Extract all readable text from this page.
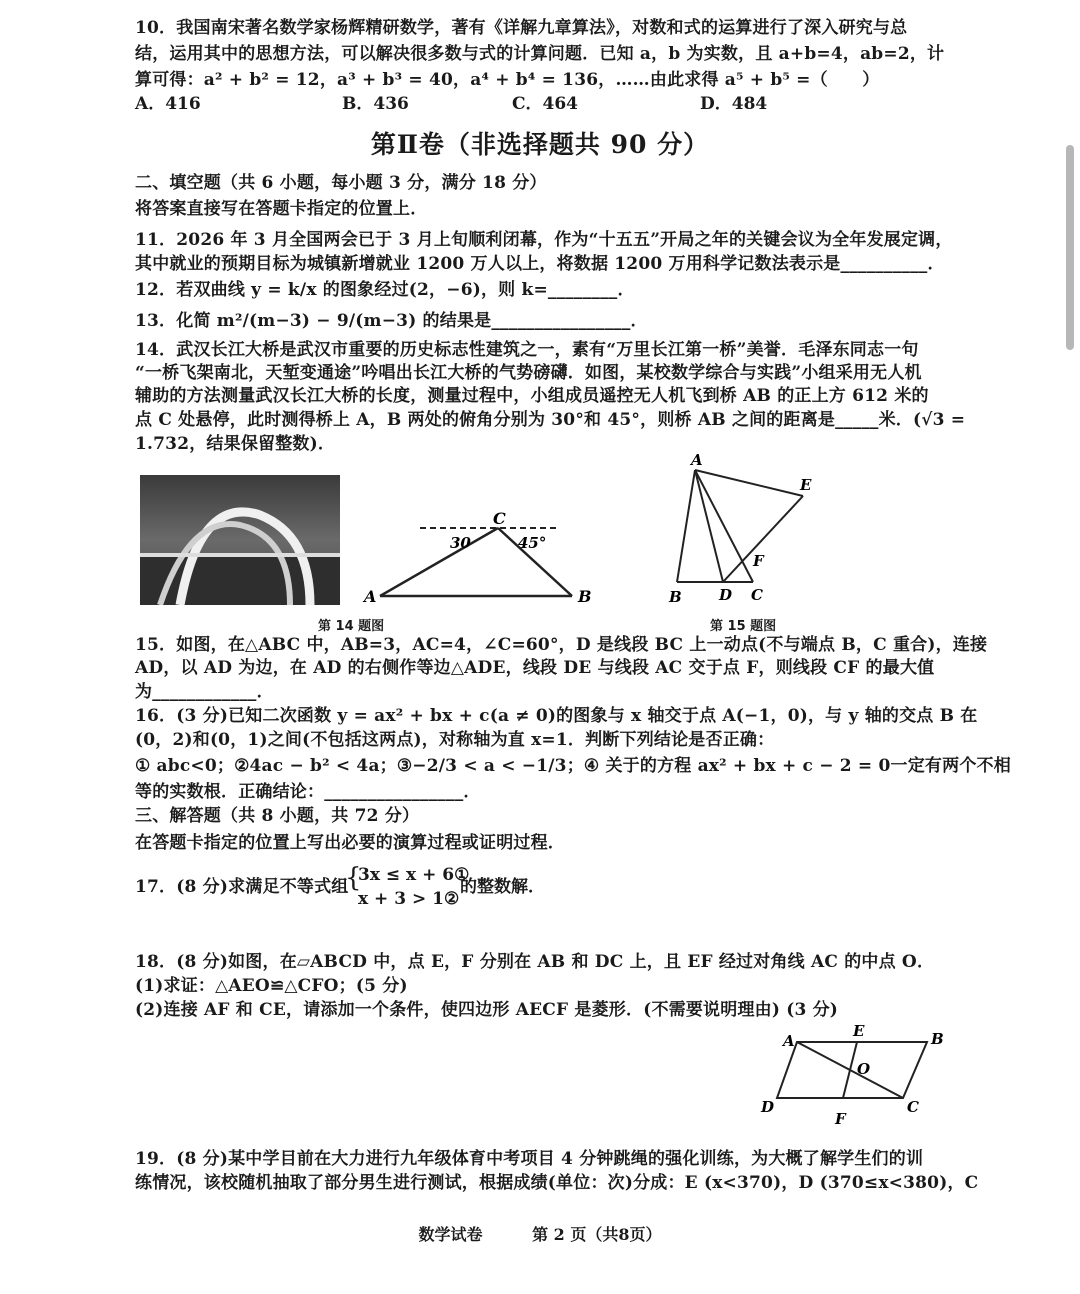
10．我国南宋著名数学家杨辉精研数学，著有《详解九章算法》，对数和式的运算进行了深入研究与总
结，运用其中的思想方法，可以解决很多数与式的计算问题．已知 a，b 为实数，且 a+b=4，ab=2，计
算可得：a² + b² = 12，a³ + b³ = 40，a⁴ + b⁴ = 136，……由此求得 a⁵ + b⁵ =（　　）
A．416	B．436	C．464	D．484
第Ⅱ卷（非选择题共 90 分）
二、填空题（共 6 小题，每小题 3 分，满分 18 分）
将答案直接写在答题卡指定的位置上．
11．2026 年 3 月全国两会已于 3 月上旬顺利闭幕，作为“十五五”开局之年的关键会议为全年发展定调，
其中就业的预期目标为城镇新增就业 1200 万人以上，将数据 1200 万用科学记数法表示是__________．
12．若双曲线 y = k/x 的图象经过(2，−6)，则 k=________．
13．化简 m²/(m−3) − 9/(m−3) 的结果是________________．
14．武汉长江大桥是武汉市重要的历史标志性建筑之一，素有“万里长江第一桥”美誉．毛泽东同志一句
“一桥飞架南北，天堑变通途”吟唱出长江大桥的气势磅礴．如图，某校数学综合与实践”小组采用无人机
辅助的方法测量武汉长江大桥的长度，测量过程中，小组成员遥控无人机飞到桥 AB 的正上方 612 米的
点 C 处悬停，此时测得桥上 A，B 两处的俯角分别为 30°和 45°，则桥 AB 之间的距离是_____米．(√3 =
1.732，结果保留整数)．
A	B
C
30	45°
第 14 题图
A
B	C
D
E
F
第 15 题图
15．如图，在△ABC 中，AB=3，AC=4，∠C=60°，D 是线段 BC 上一动点(不与端点 B，C 重合)，连接
AD，以 AD 为边，在 AD 的右侧作等边△ADE，线段 DE 与线段 AC 交于点 F，则线段 CF 的最大值
为____________．
16．(3 分)已知二次函数 y = ax² + bx + c(a ≠ 0)的图象与 x 轴交于点 A(−1，0)，与 y 轴的交点 B 在
(0，2)和(0，1)之间(不包括这两点)，对称轴为直 x=1．判断下列结论是否正确：
① abc<0；②4ac − b² < 4a；③−2/3 < a < −1/3；④ 关于的方程 ax² + bx + c − 2 = 0一定有两个不相
等的实数根．正确结论：________________．
三、解答题（共 8 小题，共 72 分）
在答题卡指定的位置上写出必要的演算过程或证明过程．
17．(8 分)求满足不等式组
{
3x ≤ x + 6①
x + 3 > 1②
的整数解．
18．(8 分)如图，在▱ABCD 中，点 E，F 分别在 AB 和 DC 上，且 EF 经过对角线 AC 的中点 O．
(1)求证：△AEO≌△CFO；(5 分)
(2)连接 AF 和 CE，请添加一个条件，使四边形 AECF 是菱形．(不需要说明理由) (3 分)
A	B
C
D
E
F
O
19．(8 分)某中学目前在大力进行九年级体育中考项目 4 分钟跳绳的强化训练，为大概了解学生们的训
练情况，该校随机抽取了部分男生进行测试，根据成绩(单位：次)分成：E (x<370)，D (370≤x<380)，C
数学试卷	第 2 页（共8页）
